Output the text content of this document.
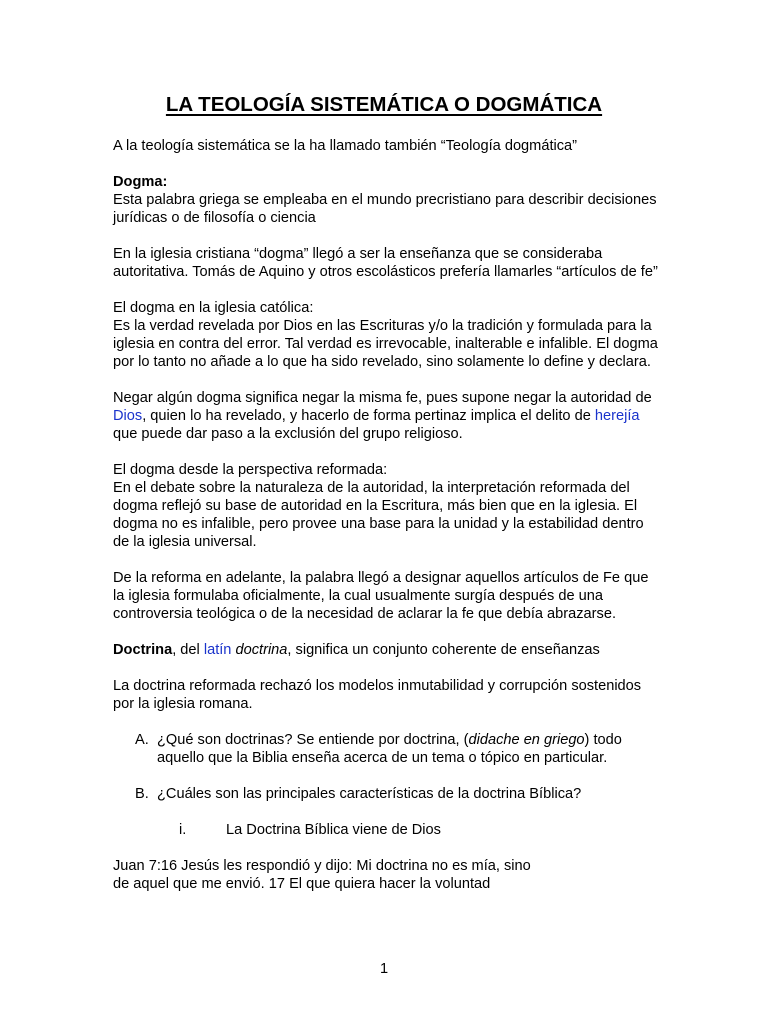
LA TEOLOGÍA SISTEMÁTICA O DOGMÁTICA

A la teología sistemática se la ha llamado también “Teología dogmática”

Dogma:

Esta palabra griega se empleaba en el mundo precristiano para describir decisiones jurídicas o de filosofía o ciencia

En la iglesia cristiana “dogma” llegó a ser la enseñanza que se consideraba autoritativa. Tomás de Aquino y otros escolásticos prefería llamarles “artículos de fe”

El dogma en la iglesia católica:

Es la verdad revelada por Dios en las Escrituras y/o la tradición y formulada para la iglesia en contra del error. Tal verdad es irrevocable, inalterable e infalible. El dogma por lo tanto no añade a lo que ha sido revelado, sino solamente lo define y declara.

Negar algún dogma significa negar la misma fe, pues supone negar la autoridad de Dios, quien lo ha revelado, y hacerlo de forma pertinaz implica el delito de herejía que puede dar paso a la exclusión del grupo religioso.

El dogma desde la perspectiva reformada:

En el debate sobre la naturaleza de la autoridad, la interpretación reformada del dogma reflejó su base de autoridad en la Escritura, más bien que en la iglesia. El dogma no es infalible, pero provee una base para la unidad y la estabilidad dentro de la iglesia universal.

De la reforma en adelante, la palabra llegó a designar aquellos artículos de Fe que la iglesia formulaba oficialmente, la cual usualmente surgía después de una controversia teológica o de la necesidad de aclarar la fe que debía abrazarse.

Doctrina, del latín doctrina, significa un conjunto coherente de enseñanzas

La doctrina reformada rechazó los modelos inmutabilidad y corrupción sostenidos por la iglesia romana.

A. ¿Qué son doctrinas? Se entiende por doctrina, (didache en griego) todo aquello que la Biblia enseña acerca de un tema o tópico en particular.
B. ¿Cuáles son las principales características de la doctrina Bíblica?
i.	La Doctrina Bíblica viene de Dios

Juan 7:16 Jesús les respondió y dijo: Mi doctrina no es mía, sino de aquel que me envió. 17 El que quiera hacer la voluntad

1
